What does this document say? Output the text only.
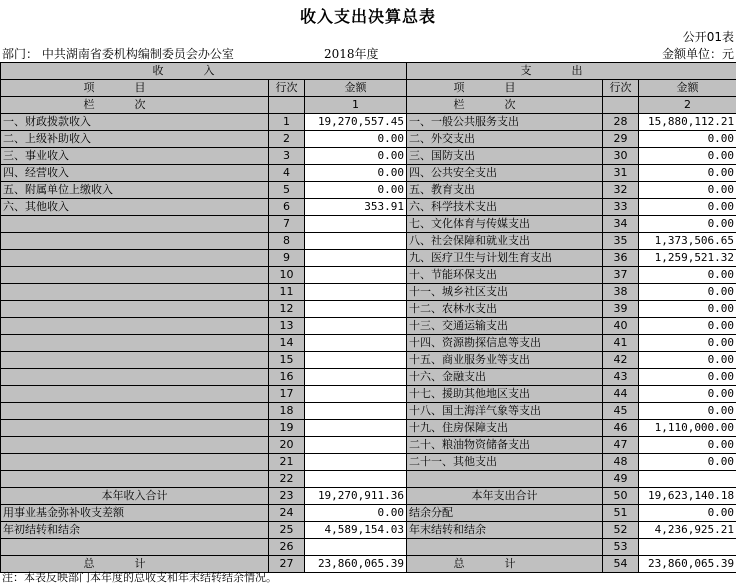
收入支出决算总表
公开01表
部门： 中共湖南省委机构编制委员会办公室	2018年度	金额单位：元
收入			支出		
项目	行次	金额	项目	行次	金额
栏次		1	栏次		2
一、财政拨款收入	1	19,270,557.45	一、一般公共服务支出	28	15,880,112.21
二、上级补助收入	2	0.00	二、外交支出	29	0.00
三、事业收入	3	0.00	三、国防支出	30	0.00
四、经营收入	4	0.00	四、公共安全支出	31	0.00
五、附属单位上缴收入	5	0.00	五、教育支出	32	0.00
六、其他收入	6	353.91	六、科学技术支出	33	0.00
	7		七、文化体育与传媒支出	34	0.00
	8		八、社会保障和就业支出	35	1,373,506.65
	9		九、医疗卫生与计划生育支出	36	1,259,521.32
	10		十、节能环保支出	37	0.00
	11		十一、城乡社区支出	38	0.00
	12		十二、农林水支出	39	0.00
	13		十三、交通运输支出	40	0.00
	14		十四、资源勘探信息等支出	41	0.00
	15		十五、商业服务业等支出	42	0.00
	16		十六、金融支出	43	0.00
	17		十七、援助其他地区支出	44	0.00
	18		十八、国土海洋气象等支出	45	0.00
	19		十九、住房保障支出	46	1,110,000.00
	20		二十、粮油物资储备支出	47	0.00
	21		二十一、其他支出	48	0.00
	22			49	
本年收入合计	23	19,270,911.36	本年支出合计	50	19,623,140.18
用事业基金弥补收支差额	24	0.00	结余分配	51	0.00
年初结转和结余	25	4,589,154.03	年末结转和结余	52	4,236,925.21
	26			53	
总计	27	23,860,065.39	总计	54	23,860,065.39
注：本表反映部门本年度的总收支和年末结转结余情况。
